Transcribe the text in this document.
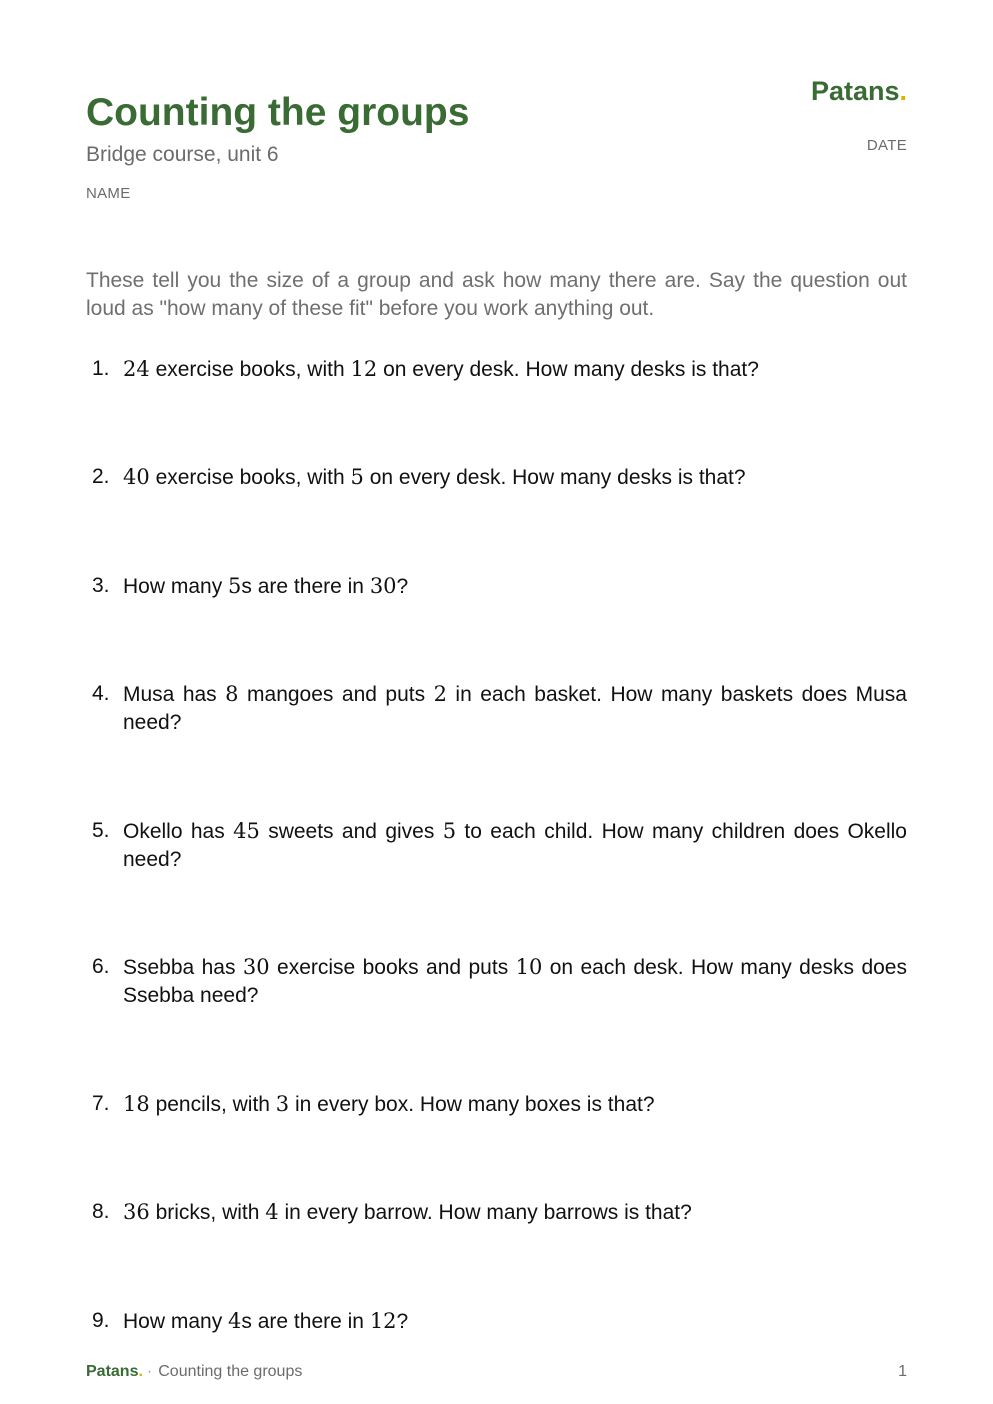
Counting the groups
Bridge course, unit 6
NAME
Patans.
DATE

These tell you the size of a group and ask how many there are. Say the question out loud as "how many of these fit" before you work anything out.

1. 24 exercise books, with 12 on every desk. How many desks is that?
2. 40 exercise books, with 5 on every desk. How many desks is that?
3. How many 5s are there in 30?
4. Musa has 8 mangoes and puts 2 in each basket. How many baskets does Musa need?
5. Okello has 45 sweets and gives 5 to each child. How many children does Okello need?
6. Ssebba has 30 exercise books and puts 10 on each desk. How many desks does Ssebba need?
7. 18 pencils, with 3 in every box. How many boxes is that?
8. 36 bricks, with 4 in every barrow. How many barrows is that?
9. How many 4s are there in 12?
Patans. · Counting the groups	1
